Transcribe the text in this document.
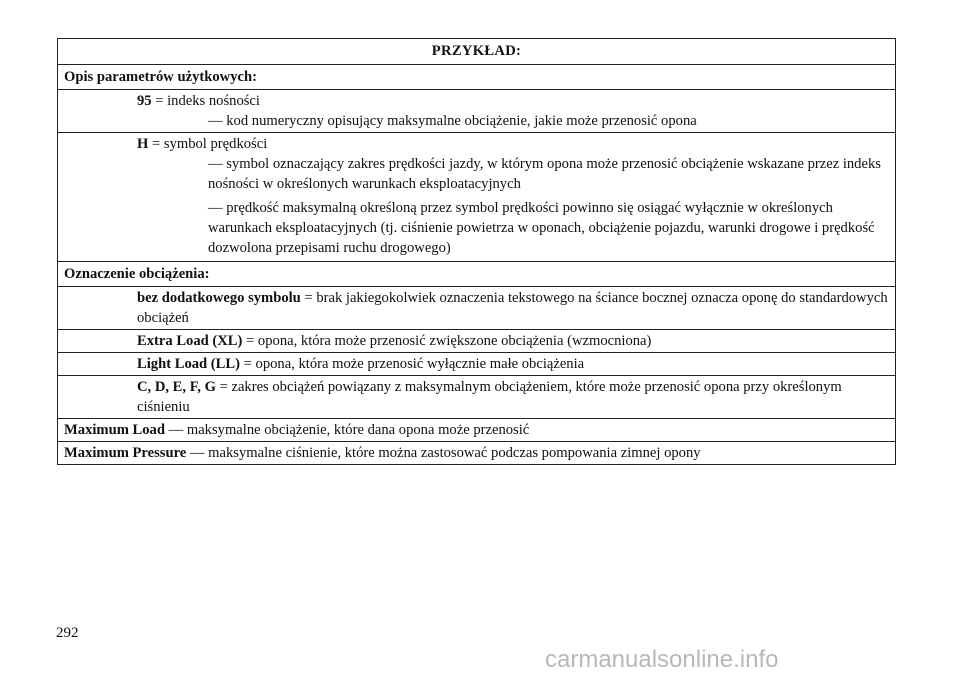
PRZYKŁAD:
Opis parametrów użytkowych:

95 = indeks nośności
— kod numeryczny opisujący maksymalne obciążenie, jakie może przenosić opona

H = symbol prędkości
— symbol oznaczający zakres prędkości jazdy, w którym opona może przenosić obciążenie wskazane przez indeks nośności w określonych warunkach eksploatacyjnych
— prędkość maksymalną określoną przez symbol prędkości powinno się osiągać wyłącznie w określonych warunkach eksploatacyjnych (tj. ciśnienie powietrza w oponach, obciążenie pojazdu, warunki drogowe i prędkość dozwolona przepisami ruchu drogowego)

Oznaczenie obciążenia:
bez dodatkowego symbolu = brak jakiegokolwiek oznaczenia tekstowego na ściance bocznej oznacza oponę do standardowych obciążeń
Extra Load (XL) = opona, która może przenosić zwiększone obciążenia (wzmocniona)
Light Load (LL) = opona, która może przenosić wyłącznie małe obciążenia
C, D, E, F, G = zakres obciążeń powiązany z maksymalnym obciążeniem, które może przenosić opona przy określonym ciśnieniu
Maximum Load — maksymalne obciążenie, które dana opona może przenosić
Maximum Pressure — maksymalne ciśnienie, które można zastosować podczas pompowania zimnej opony
292
carmanualsonline.info
